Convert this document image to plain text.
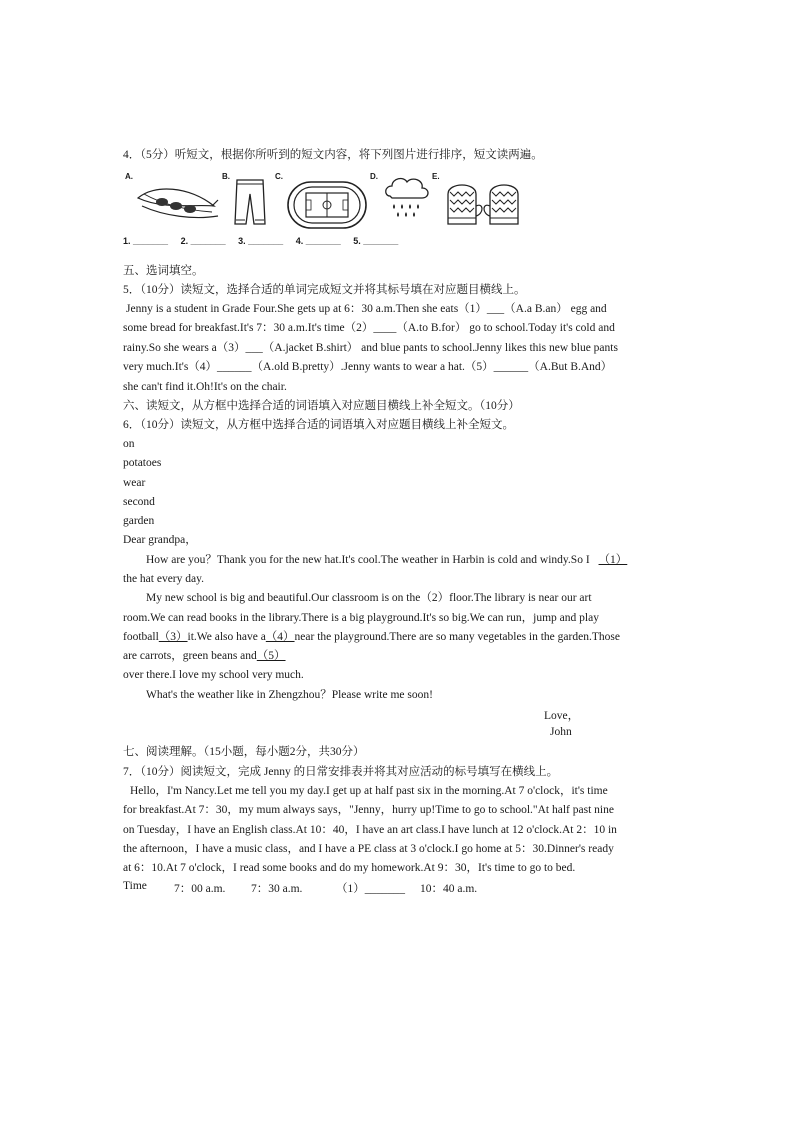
4．（5分）听短文，根据你所听到的短文内容，将下列图片进行排序，短文读两遍。
A.	B.	C.	D.	E.
1. _______ 2. _______ 3. _______ 4. _______ 5. _______
五、选词填空。
5．（10分）读短文，选择合适的单词完成短文并将其标号填在对应题目横线上。
Jenny is a student in Grade Four.She gets up at 6：30 a.m.Then she eats（1）___（A.a B.an） egg and
some bread for breakfast.It's 7：30 a.m.It's time（2）____（A.to B.for） go to school.Today it's cold and
rainy.So she wears a（3）___（A.jacket B.shirt） and blue pants to school.Jenny likes this new blue pants
very much.It's（4）______（A.old B.pretty）.Jenny wants to wear a hat.（5）______（A.But B.And）
she can't find it.Oh!It's on the chair.
六、读短文，从方框中选择合适的词语填入对应题目横线上补全短文。（10分）
6．（10分）读短文，从方框中选择合适的词语填入对应题目横线上补全短文。
on
potatoes
wear
second
garden
Dear grandpa，
How are you？Thank you for the new hat.It's cool.The weather in Harbin is cold and windy.So I （1）
the hat every day.
My new school is big and beautiful.Our classroom is on the（2）floor.The library is near our art
room.We can read books in the library.There is a big playground.It's so big.We can run，jump and play
football（3）it.We also have a（4）near the playground.There are so many vegetables in the garden.Those
are carrots，green beans and（5）
over there.I love my school very much.
What's the weather like in Zhengzhou？Please write me soon!
Love，
John
七、阅读理解。（15小题，每小题2分，共30分）
7．（10分）阅读短文，完成 Jenny 的日常安排表并将其对应活动的标号填写在横线上。
Hello，I'm Nancy.Let me tell you my day.I get up at half past six in the morning.At 7 o'clock，it's time
for breakfast.At 7：30，my mum always says，"Jenny，hurry up!Time to go to school."At half past nine
on Tuesday，I have an English class.At 10：40，I have an art class.I have lunch at 12 o'clock.At 2：10 in
the afternoon，I have a music class，and I have a PE class at 3 o'clock.I go home at 5：30.Dinner's ready
at 6：10.At 7 o'clock，I read some books and do my homework.At 9：30，It's time to go to bed.
Time 7：00 a.m. 7：30 a.m.	（1）_______ 10：40 a.m.
